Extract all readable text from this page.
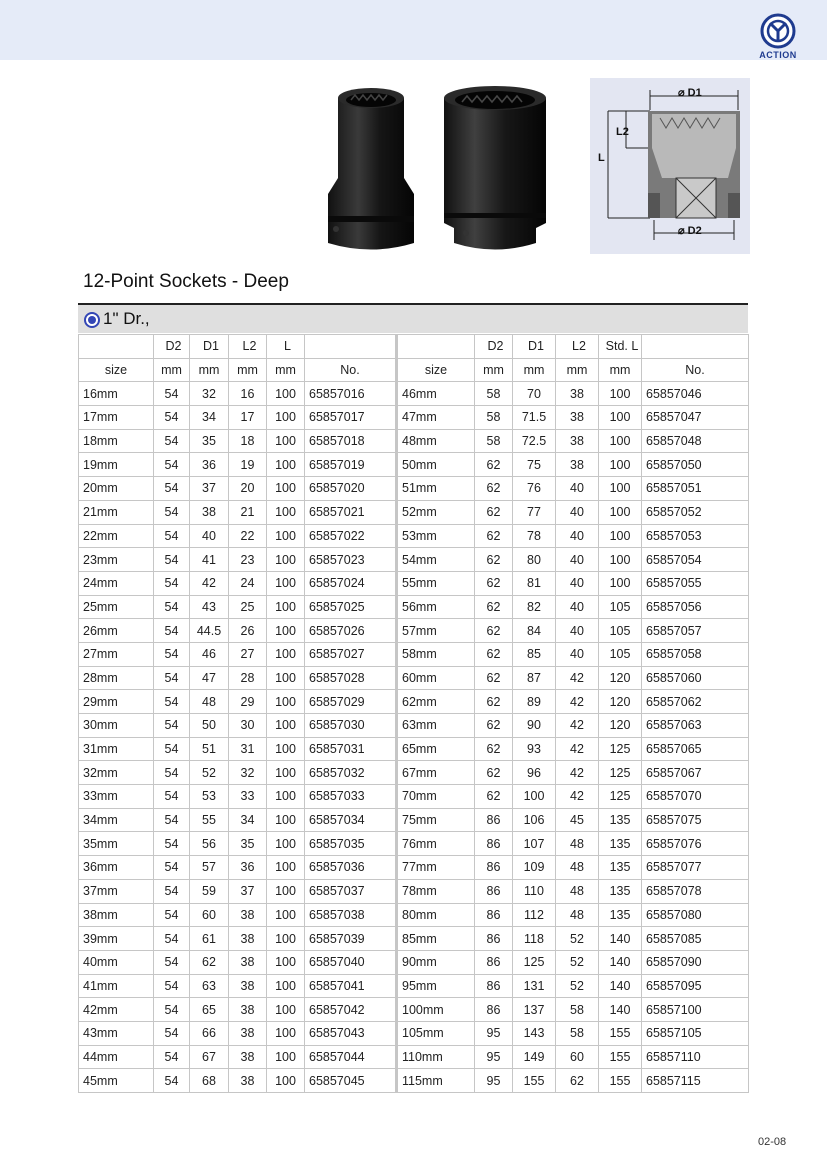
ACTION
⌀ D1
L2
L
⌀ D2
12-Point Sockets - Deep
1" Dr.,
	D2	D1	L2	L			D2	D1	L2	Std. L	
size	mm	mm	mm	mm	No.	size	mm	mm	mm	mm	No.
16mm	54	32	16	100	65857016	46mm	58	70	38	100	65857046
17mm	54	34	17	100	65857017	47mm	58	71.5	38	100	65857047
18mm	54	35	18	100	65857018	48mm	58	72.5	38	100	65857048
19mm	54	36	19	100	65857019	50mm	62	75	38	100	65857050
20mm	54	37	20	100	65857020	51mm	62	76	40	100	65857051
21mm	54	38	21	100	65857021	52mm	62	77	40	100	65857052
22mm	54	40	22	100	65857022	53mm	62	78	40	100	65857053
23mm	54	41	23	100	65857023	54mm	62	80	40	100	65857054
24mm	54	42	24	100	65857024	55mm	62	81	40	100	65857055
25mm	54	43	25	100	65857025	56mm	62	82	40	105	65857056
26mm	54	44.5	26	100	65857026	57mm	62	84	40	105	65857057
27mm	54	46	27	100	65857027	58mm	62	85	40	105	65857058
28mm	54	47	28	100	65857028	60mm	62	87	42	120	65857060
29mm	54	48	29	100	65857029	62mm	62	89	42	120	65857062
30mm	54	50	30	100	65857030	63mm	62	90	42	120	65857063
31mm	54	51	31	100	65857031	65mm	62	93	42	125	65857065
32mm	54	52	32	100	65857032	67mm	62	96	42	125	65857067
33mm	54	53	33	100	65857033	70mm	62	100	42	125	65857070
34mm	54	55	34	100	65857034	75mm	86	106	45	135	65857075
35mm	54	56	35	100	65857035	76mm	86	107	48	135	65857076
36mm	54	57	36	100	65857036	77mm	86	109	48	135	65857077
37mm	54	59	37	100	65857037	78mm	86	110	48	135	65857078
38mm	54	60	38	100	65857038	80mm	86	112	48	135	65857080
39mm	54	61	38	100	65857039	85mm	86	118	52	140	65857085
40mm	54	62	38	100	65857040	90mm	86	125	52	140	65857090
41mm	54	63	38	100	65857041	95mm	86	131	52	140	65857095
42mm	54	65	38	100	65857042	100mm	86	137	58	140	65857100
43mm	54	66	38	100	65857043	105mm	95	143	58	155	65857105
44mm	54	67	38	100	65857044	110mm	95	149	60	155	65857110
45mm	54	68	38	100	65857045	115mm	95	155	62	155	65857115
02-08
